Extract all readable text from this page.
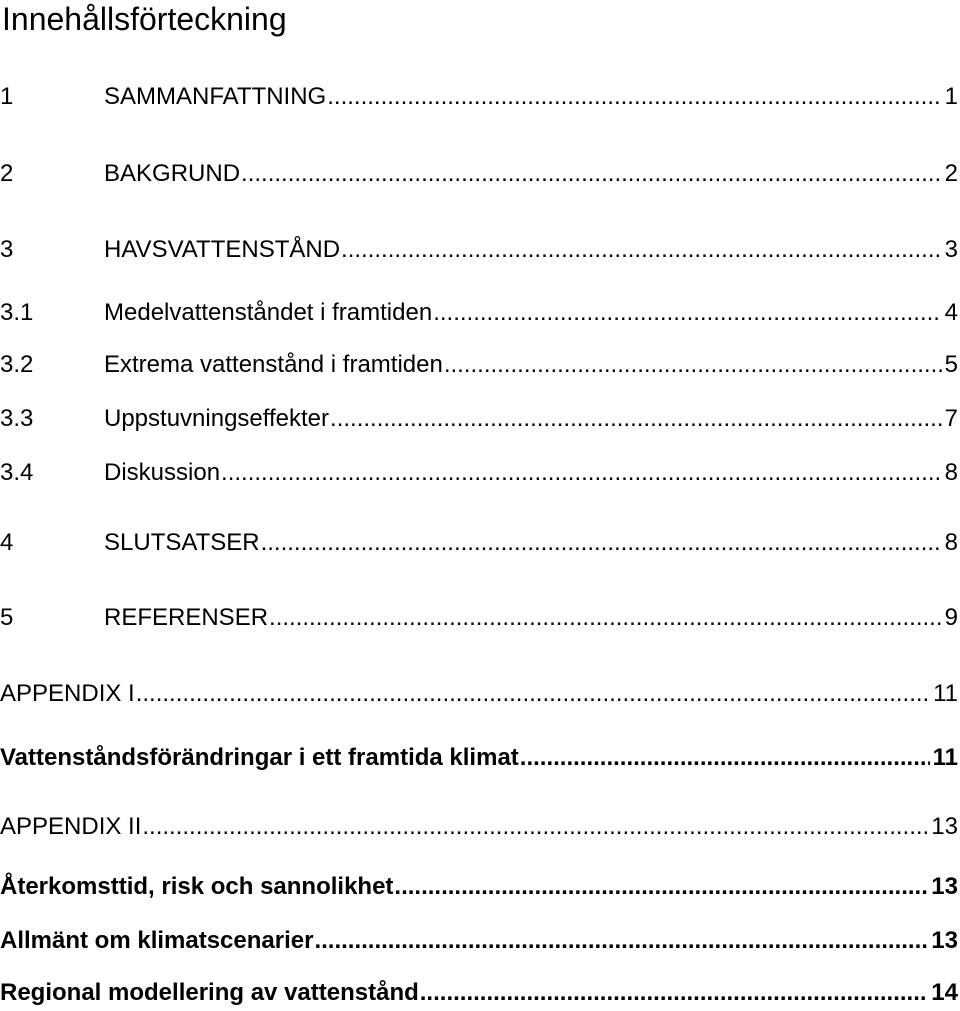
Innehållsförteckning
1	SAMMANFATTNING .....	1
2	BAKGRUND .....	2
3	HAVSVATTENSTÅND .....	3
3.1	Medelvattenståndet i framtiden .....	4
3.2	Extrema vattenstånd i framtiden .....	5
3.3	Uppstuvningseffekter .....	7
3.4	Diskussion .....	8
4	SLUTSATSER .....	8
5	REFERENSER .....	9
APPENDIX I .....	11
Vattenståndsförändringar i ett framtida klimat .....	11
APPENDIX II .....	13
Återkomsttid, risk och sannolikhet .....	13
Allmänt om klimatscenarier .....	13
Regional modellering av vattenstånd .....	14
